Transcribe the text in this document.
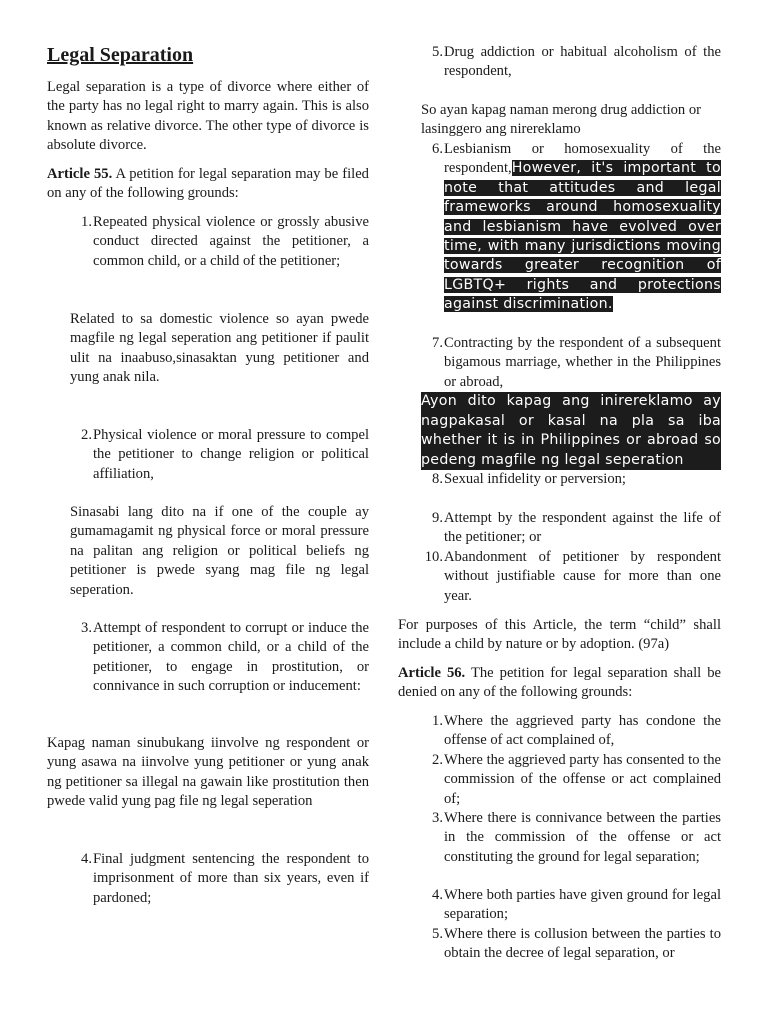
Legal Separation

Legal separation is a type of divorce where either of the party has no legal right to marry again. This is also known as relative divorce. The other type of divorce is absolute divorce.

Article 55. A petition for legal separation may be filed on any of the following grounds:

1. Repeated physical violence or grossly abusive conduct directed against the petitioner, a common child, or a child of the petitioner;

Related to sa domestic violence so ayan pwede magfile ng legal seperation ang petitioner if paulit ulit na inaabuso,sinasaktan yung petitioner and yung anak nila.

2. Physical violence or moral pressure to compel the petitioner to change religion or political affiliation,

Sinasabi lang dito na if one of the couple ay gumamagamit ng physical force or moral pressure na palitan ang religion or political beliefs ng petitioner is pwede syang mag file ng legal seperation.

3. Attempt of respondent to corrupt or induce the petitioner, a common child, or a child of the petitioner, to engage in prostitution, or connivance in such corruption or inducement:

Kapag naman sinubukang iinvolve ng respondent or yung asawa na iinvolve yung petitioner or yung anak ng petitioner sa illegal na gawain like prostitution then pwede valid yung pag file ng legal seperation

4. Final judgment sentencing the respondent to imprisonment of more than six years, even if pardoned;
5. Drug addiction or habitual alcoholism of the respondent,

So ayan kapag naman merong drug addiction or lasinggero ang nirereklamo

6. Lesbianism or homosexuality of the respondent,However, it's important to note that attitudes and legal frameworks around homosexuality and lesbianism have evolved over time, with many jurisdictions moving towards greater recognition of LGBTQ+ rights and protections against discrimination.
7. Contracting by the respondent of a subsequent bigamous marriage, whether in the Philippines or abroad,

Ayon dito kapag ang inirereklamo ay nagpakasal or kasal na pla sa iba whether it is in Philippines or abroad so pedeng magfile ng legal seperation

8. Sexual infidelity or perversion;
9. Attempt by the respondent against the life of the petitioner; or
10. Abandonment of petitioner by respondent without justifiable cause for more than one year.

For purposes of this Article, the term “child” shall include a child by nature or by adoption. (97a)

Article 56. The petition for legal separation shall be denied on any of the following grounds:

1. Where the aggrieved party has condone the offense of act complained of,
2. Where the aggrieved party has consented to the commission of the offense or act complained of;
3. Where there is connivance between the parties in the commission of the offense or act constituting the ground for legal separation;
4. Where both parties have given ground for legal separation;
5. Where there is collusion between the parties to obtain the decree of legal separation, or
